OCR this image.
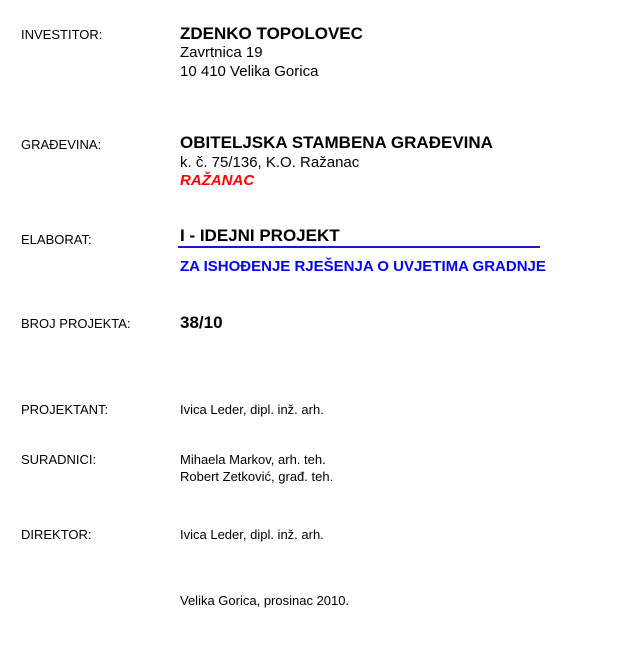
INVESTITOR:	ZDENKO TOPOLOVEC
Zavrtnica 19
10 410 Velika Gorica
GRAĐEVINA:	OBITELJSKA STAMBENA GRAĐEVINA
k. č. 75/136, K.O. Ražanac
RAŽANAC
ELABORAT:	I - IDEJNI PROJEKT
ZA ISHOĐENJE RJEŠENJA O UVJETIMA GRADNJE
BROJ PROJEKTA:	38/10
PROJEKTANT:	Ivica Leder, dipl. inž. arh.
SURADNICI:	Mihaela Markov, arh. teh.
Robert Zetković, građ. teh.
DIREKTOR:	Ivica Leder, dipl. inž. arh.
Velika Gorica, prosinac 2010.
